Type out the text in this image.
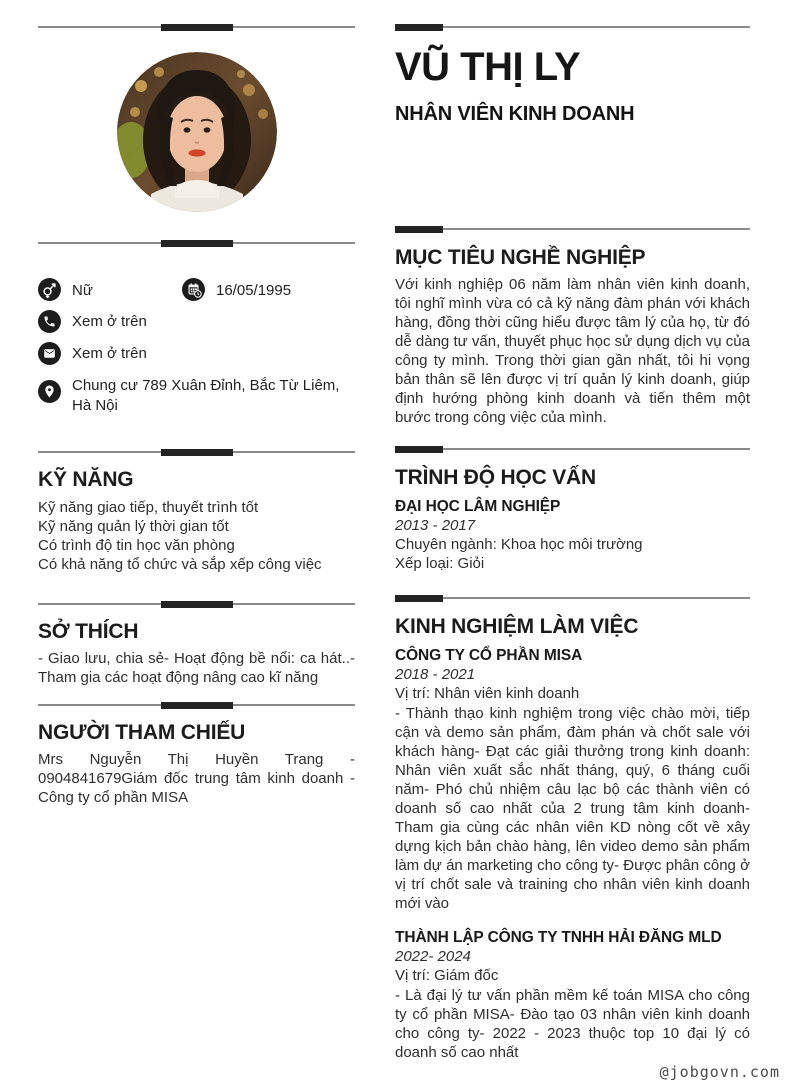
Nữ	16/05/1995
Xem ở trên
Xem ở trên
Chung cư 789 Xuân Đỉnh, Bắc Từ Liêm, Hà Nội
KỸ NĂNG
Kỹ năng giao tiếp, thuyết trình tốt
Kỹ năng quản lý thời gian tốt
Có trình độ tin học văn phòng
Có khả năng tổ chức và sắp xếp công việc
SỞ THÍCH
- Giao lưu, chia sẻ- Hoạt động bề nổi: ca hát..- Tham gia các hoạt động nâng cao kĩ năng
NGƯỜI THAM CHIẾU
Mrs Nguyễn Thị Huyền Trang - 0904841679Giám đốc trung tâm kinh doanh - Công ty cổ phần MISA
VŨ THỊ LY
NHÂN VIÊN KINH DOANH
MỤC TIÊU NGHỀ NGHIỆP
Với kinh nghiệp 06 năm làm nhân viên kinh doanh, tôi nghĩ mình vừa có cả kỹ năng đàm phán với khách hàng, đồng thời cũng hiểu được tâm lý của họ, từ đó dễ dàng tư vấn, thuyết phục học sử dụng dịch vụ của công ty mình. Trong thời gian gần nhất, tôi hi vọng bản thân sẽ lên được vị trí quản lý kinh doanh, giúp định hướng phòng kinh doanh và tiến thêm một bước trong công việc của mình.
TRÌNH ĐỘ HỌC VẤN
ĐẠI HỌC LÂM NGHIỆP
2013 - 2017
Chuyên ngành: Khoa học môi trường
Xếp loại: Giỏi
KINH NGHIỆM LÀM VIỆC
CÔNG TY CỔ PHẦN MISA
2018 - 2021
Vị trí: Nhân viên kinh doanh
- Thành thạo kinh nghiệm trong việc chào mời, tiếp cận và demo sản phẩm, đàm phán và chốt sale với khách hàng- Đạt các giải thưởng trong kinh doanh: Nhân viên xuất sắc nhất tháng, quý, 6 tháng cuối năm- Phó chủ nhiệm câu lạc bộ các thành viên có doanh số cao nhất của 2 trung tâm kinh doanh- Tham gia cùng các nhân viên KD nòng cốt về xây dựng kịch bản chào hàng, lên video demo sản phẩm làm dự án marketing cho công ty- Được phân công ở vị trí chốt sale và training cho nhân viên kinh doanh mới vào
THÀNH LẬP CÔNG TY TNHH HẢI ĐĂNG MLD
2022- 2024
Vị trí: Giám đốc
- Là đại lý tư vấn phần mềm kế toán MISA cho công ty cổ phần MISA- Đào tạo 03 nhân viên kinh doanh cho công ty- 2022 - 2023 thuộc top 10 đại lý có doanh số cao nhất
@jobgovn.com
